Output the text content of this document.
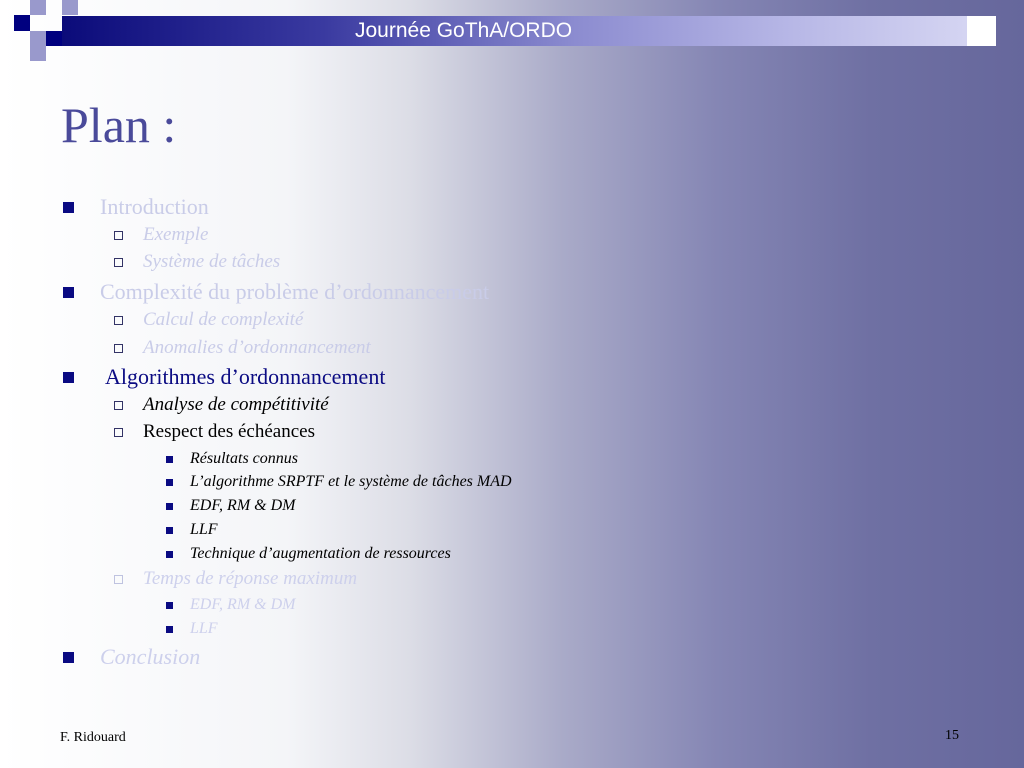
Journée GoThA/ORDO
Plan :
Introduction
Exemple
Système de tâches
Complexité du problème d’ordonnancement
Calcul de complexité
Anomalies d’ordonnancement
Algorithmes d’ordonnancement
Analyse de compétitivité
Respect des échéances
Résultats connus
L’algorithme SRPTF et le système de tâches MAD
EDF, RM & DM
LLF
Technique d’augmentation de ressources
Temps de réponse maximum
EDF, RM & DM
LLF
Conclusion
F. Ridouard	15
